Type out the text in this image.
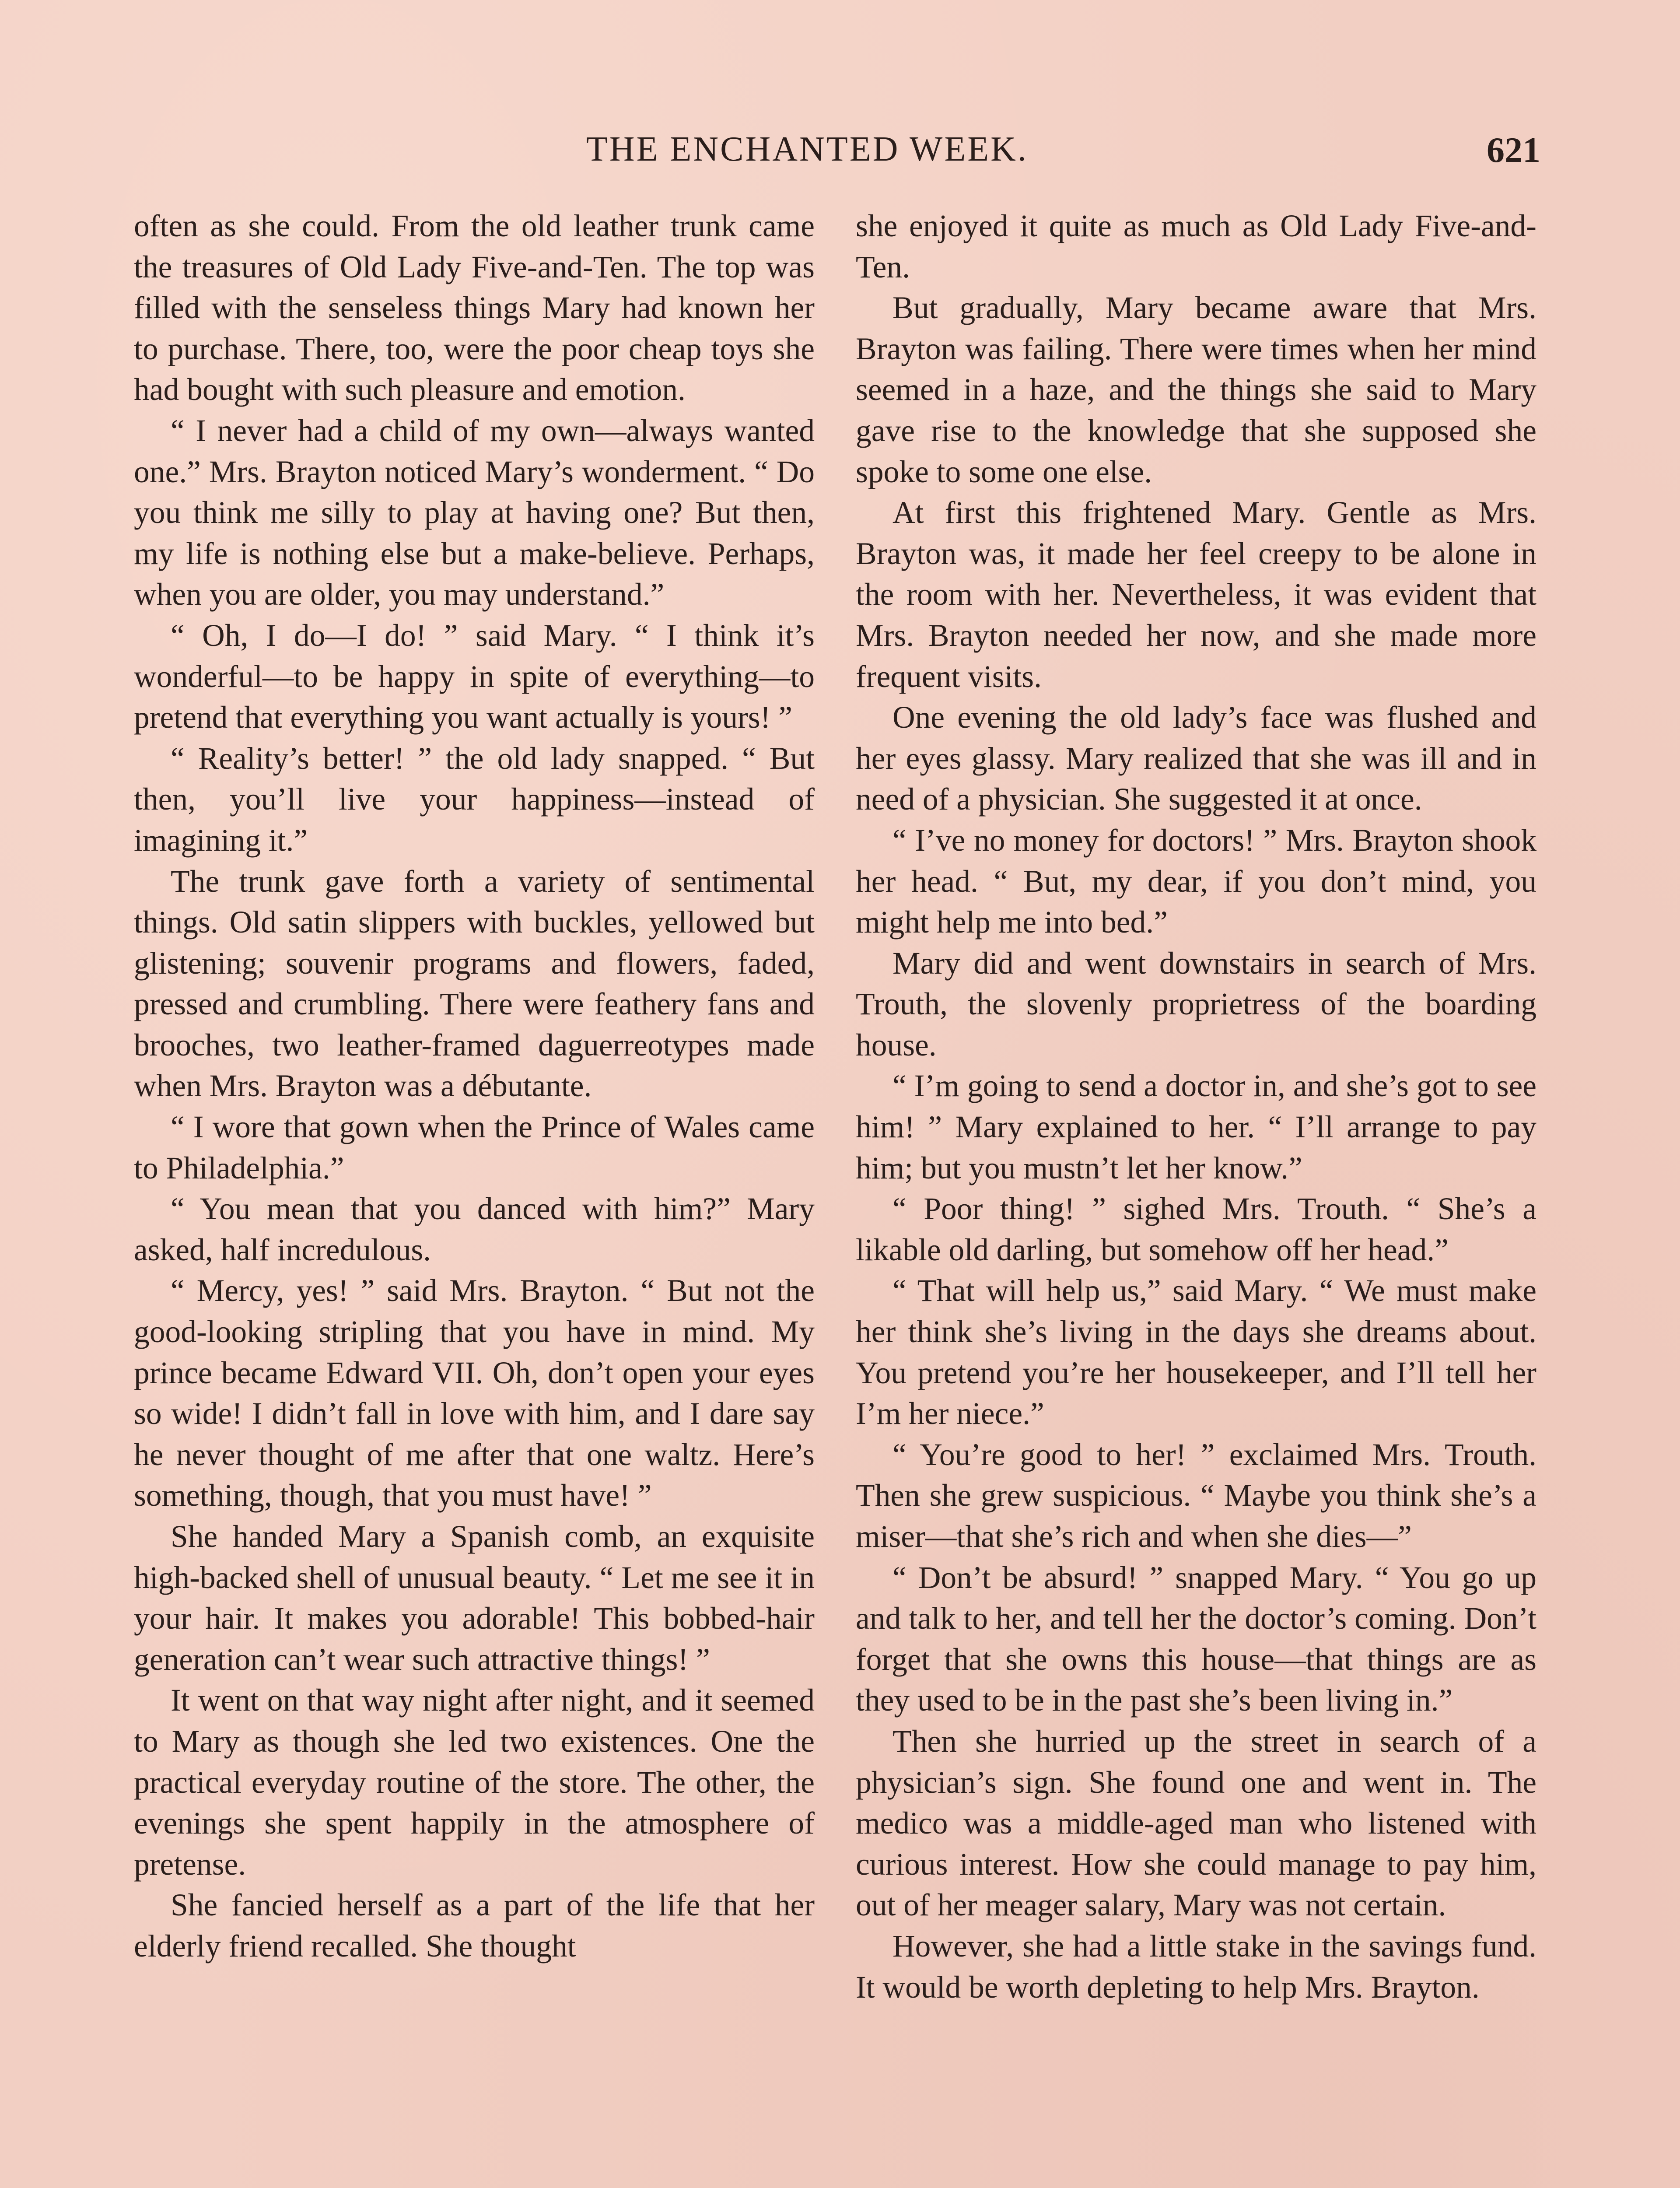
THE ENCHANTED WEEK.	621

often as she could. From the old leather trunk came the treasures of Old Lady Five-and-Ten. The top was filled with the senseless things Mary had known her to purchase. There, too, were the poor cheap toys she had bought with such pleasure and emotion.

“ I never had a child of my own—always wanted one.” Mrs. Brayton noticed Mary’s wonderment. “ Do you think me silly to play at having one? But then, my life is nothing else but a make-believe. Perhaps, when you are older, you may understand.”

“ Oh, I do—I do! ” said Mary. “ I think it’s wonderful—to be happy in spite of everything—to pretend that everything you want actually is yours! ”

“ Reality’s better! ” the old lady snapped. “ But then, you’ll live your happiness—instead of imagining it.”

The trunk gave forth a variety of sentimental things. Old satin slippers with buckles, yellowed but glistening; souvenir programs and flowers, faded, pressed and crumbling. There were feathery fans and brooches, two leather-framed daguerreotypes made when Mrs. Brayton was a débutante.

“ I wore that gown when the Prince of Wales came to Philadelphia.”

“ You mean that you danced with him?” Mary asked, half incredulous.

“ Mercy, yes! ” said Mrs. Brayton. “ But not the good-looking stripling that you have in mind. My prince became Edward VII. Oh, don’t open your eyes so wide! I didn’t fall in love with him, and I dare say he never thought of me after that one waltz. Here’s something, though, that you must have! ”

She handed Mary a Spanish comb, an exquisite high-backed shell of unusual beauty. “ Let me see it in your hair. It makes you adorable! This bobbed-hair generation can’t wear such attractive things! ”

It went on that way night after night, and it seemed to Mary as though she led two existences. One the practical everyday routine of the store. The other, the evenings she spent happily in the atmosphere of pretense.

She fancied herself as a part of the life that her elderly friend recalled. She thought

she enjoyed it quite as much as Old Lady Five-and-Ten.

But gradually, Mary became aware that Mrs. Brayton was failing. There were times when her mind seemed in a haze, and the things she said to Mary gave rise to the knowledge that she supposed she spoke to some one else.

At first this frightened Mary. Gentle as Mrs. Brayton was, it made her feel creepy to be alone in the room with her. Nevertheless, it was evident that Mrs. Brayton needed her now, and she made more frequent visits.

One evening the old lady’s face was flushed and her eyes glassy. Mary realized that she was ill and in need of a physician. She suggested it at once.

“ I’ve no money for doctors! ” Mrs. Brayton shook her head. “ But, my dear, if you don’t mind, you might help me into bed.”

Mary did and went downstairs in search of Mrs. Trouth, the slovenly proprietress of the boarding house.

“ I’m going to send a doctor in, and she’s got to see him! ” Mary explained to her. “ I’ll arrange to pay him; but you mustn’t let her know.”

“ Poor thing! ” sighed Mrs. Trouth. “ She’s a likable old darling, but somehow off her head.”

“ That will help us,” said Mary. “ We must make her think she’s living in the days she dreams about. You pretend you’re her housekeeper, and I’ll tell her I’m her niece.”

“ You’re good to her! ” exclaimed Mrs. Trouth. Then she grew suspicious. “ Maybe you think she’s a miser—that she’s rich and when she dies—”

“ Don’t be absurd! ” snapped Mary. “ You go up and talk to her, and tell her the doctor’s coming. Don’t forget that she owns this house—that things are as they used to be in the past she’s been living in.”

Then she hurried up the street in search of a physician’s sign. She found one and went in. The medico was a middle-aged man who listened with curious interest. How she could manage to pay him, out of her meager salary, Mary was not certain.

However, she had a little stake in the savings fund. It would be worth depleting to help Mrs. Brayton.
